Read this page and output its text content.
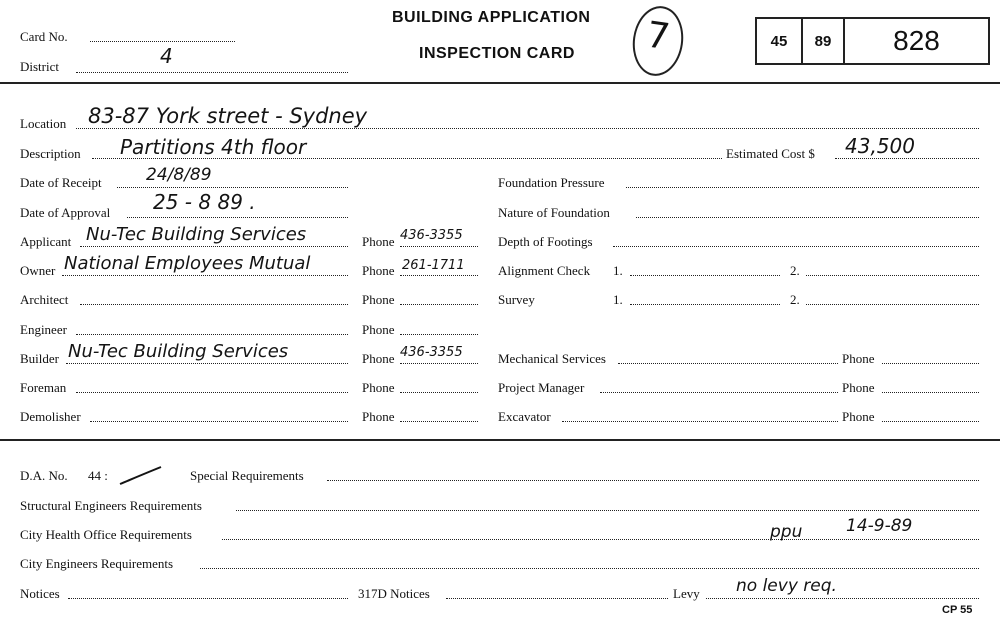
Card No.
District	4
BUILDING APPLICATION
INSPECTION CARD 7	45	89	828
Location 83-87 York street - Sydney
Description Partitions 4th floor	Estimated Cost $ 43,500
Date of Receipt	24/8/89	Foundation Pressure
Date of Approval 25 - 8 89 .	Nature of Foundation
Applicant Nu-Tec Building Services	Phone 436-3355	Depth of Footings
Owner National Employees Mutual	Phone 261-1711	Alignment Check 1.	2.
Architect	Phone	Survey	1.	2.
Engineer	Phone
Builder Nu-Tec Building Services	Phone 436-3355	Mechanical Services	Phone
Foreman	Phone	Project Manager	Phone
Demolisher	Phone	Excavator	Phone
D.A. No. 44 :	Special Requirements
Structural Engineers Requirements
City Health Office Requirements	ppu	14-9-89
City Engineers Requirements
Notices	317D Notices	Levy no levy req.
CP 55
